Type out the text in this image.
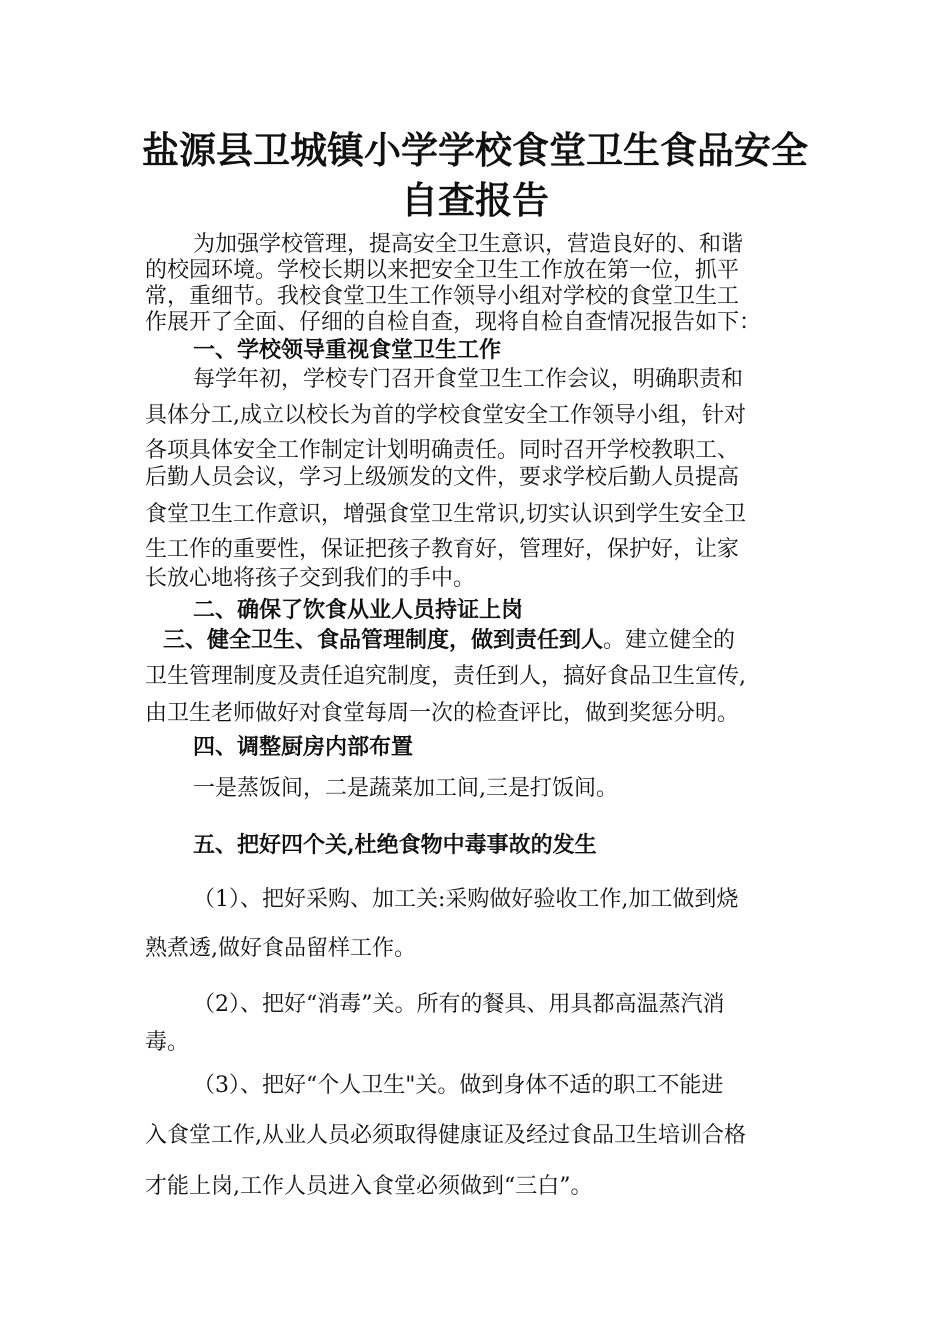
盐源县卫城镇小学学校食堂卫生食品安全
自查报告
为加强学校管理，提高安全卫生意识，营造良好的、和谐
的校园环境。学校长期以来把安全卫生工作放在第一位，抓平
常，重细节。我校食堂卫生工作领导小组对学校的食堂卫生工
作展开了全面、仔细的自检自查，现将自检自查情况报告如下：
一、学校领导重视食堂卫生工作
每学年初，学校专门召开食堂卫生工作会议，明确职责和
具体分工,成立以校长为首的学校食堂安全工作领导小组，针对
各项具体安全工作制定计划明确责任。同时召开学校教职工、
后勤人员会议，学习上级颁发的文件，要求学校后勤人员提高
食堂卫生工作意识，增强食堂卫生常识,切实认识到学生安全卫
生工作的重要性，保证把孩子教育好，管理好，保护好，让家
长放心地将孩子交到我们的手中。
二、确保了饮食从业人员持证上岗
三、健全卫生、食品管理制度，做到责任到人。建立健全的
卫生管理制度及责任追究制度，责任到人，搞好食品卫生宣传,
由卫生老师做好对食堂每周一次的检查评比，做到奖惩分明。
四、调整厨房内部布置
一是蒸饭间，二是蔬菜加工间,三是打饭间。
五、把好四个关,杜绝食物中毒事故的发生
（1）、把好采购、加工关:采购做好验收工作,加工做到烧
熟煮透,做好食品留样工作。
（2）、把好“消毒”关。所有的餐具、用具都高温蒸汽消
毒。
（3）、把好“个人卫生"关。做到身体不适的职工不能进
入食堂工作,从业人员必须取得健康证及经过食品卫生培训合格
才能上岗,工作人员进入食堂必须做到“三白”。
